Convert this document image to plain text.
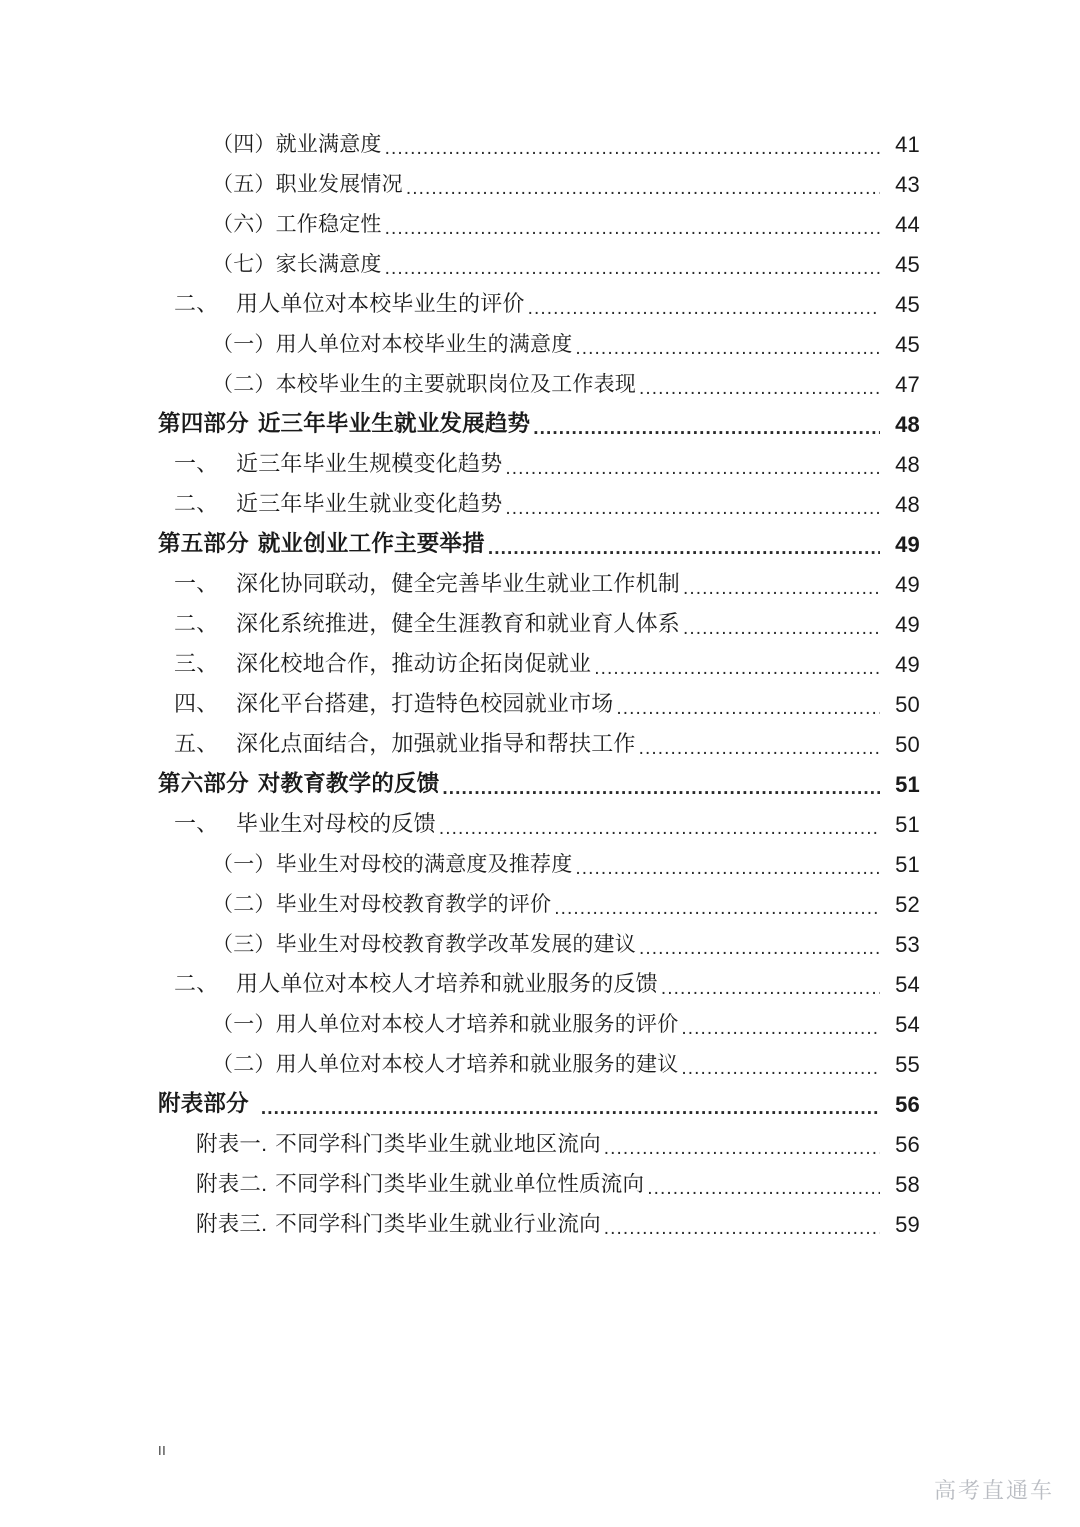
（四） 就业满意度 .....	41
（五） 职业发展情况 .....	43
（六） 工作稳定性 .....	44
（七） 家长满意度 .....	45
二、 用人单位对本校毕业生的评价 .....	45
（一） 用人单位对本校毕业生的满意度 .....	45
（二） 本校毕业生的主要就职岗位及工作表现 .....	47
第四部分 近三年毕业生就业发展趋势 .....	48
一、 近三年毕业生规模变化趋势 .....	48
二、 近三年毕业生就业变化趋势 .....	48
第五部分 就业创业工作主要举措 .....	49
一、 深化协同联动，健全完善毕业生就业工作机制 .....	49
二、 深化系统推进，健全生涯教育和就业育人体系 .....	49
三、 深化校地合作，推动访企拓岗促就业 .....	49
四、 深化平台搭建，打造特色校园就业市场 .....	50
五、 深化点面结合，加强就业指导和帮扶工作 .....	50
第六部分 对教育教学的反馈 .....	51
一、 毕业生对母校的反馈 .....	51
（一） 毕业生对母校的满意度及推荐度 .....	51
（二） 毕业生对母校教育教学的评价 .....	52
（三） 毕业生对母校教育教学改革发展的建议 .....	53
二、 用人单位对本校人才培养和就业服务的反馈 .....	54
（一） 用人单位对本校人才培养和就业服务的评价 .....	54
（二） 用人单位对本校人才培养和就业服务的建议 .....	55
附表部分 .....	56
附表一. 不同学科门类毕业生就业地区流向 .....	56
附表二. 不同学科门类毕业生就业单位性质流向 .....	58
附表三. 不同学科门类毕业生就业行业流向 .....	59
II
高考直通车
